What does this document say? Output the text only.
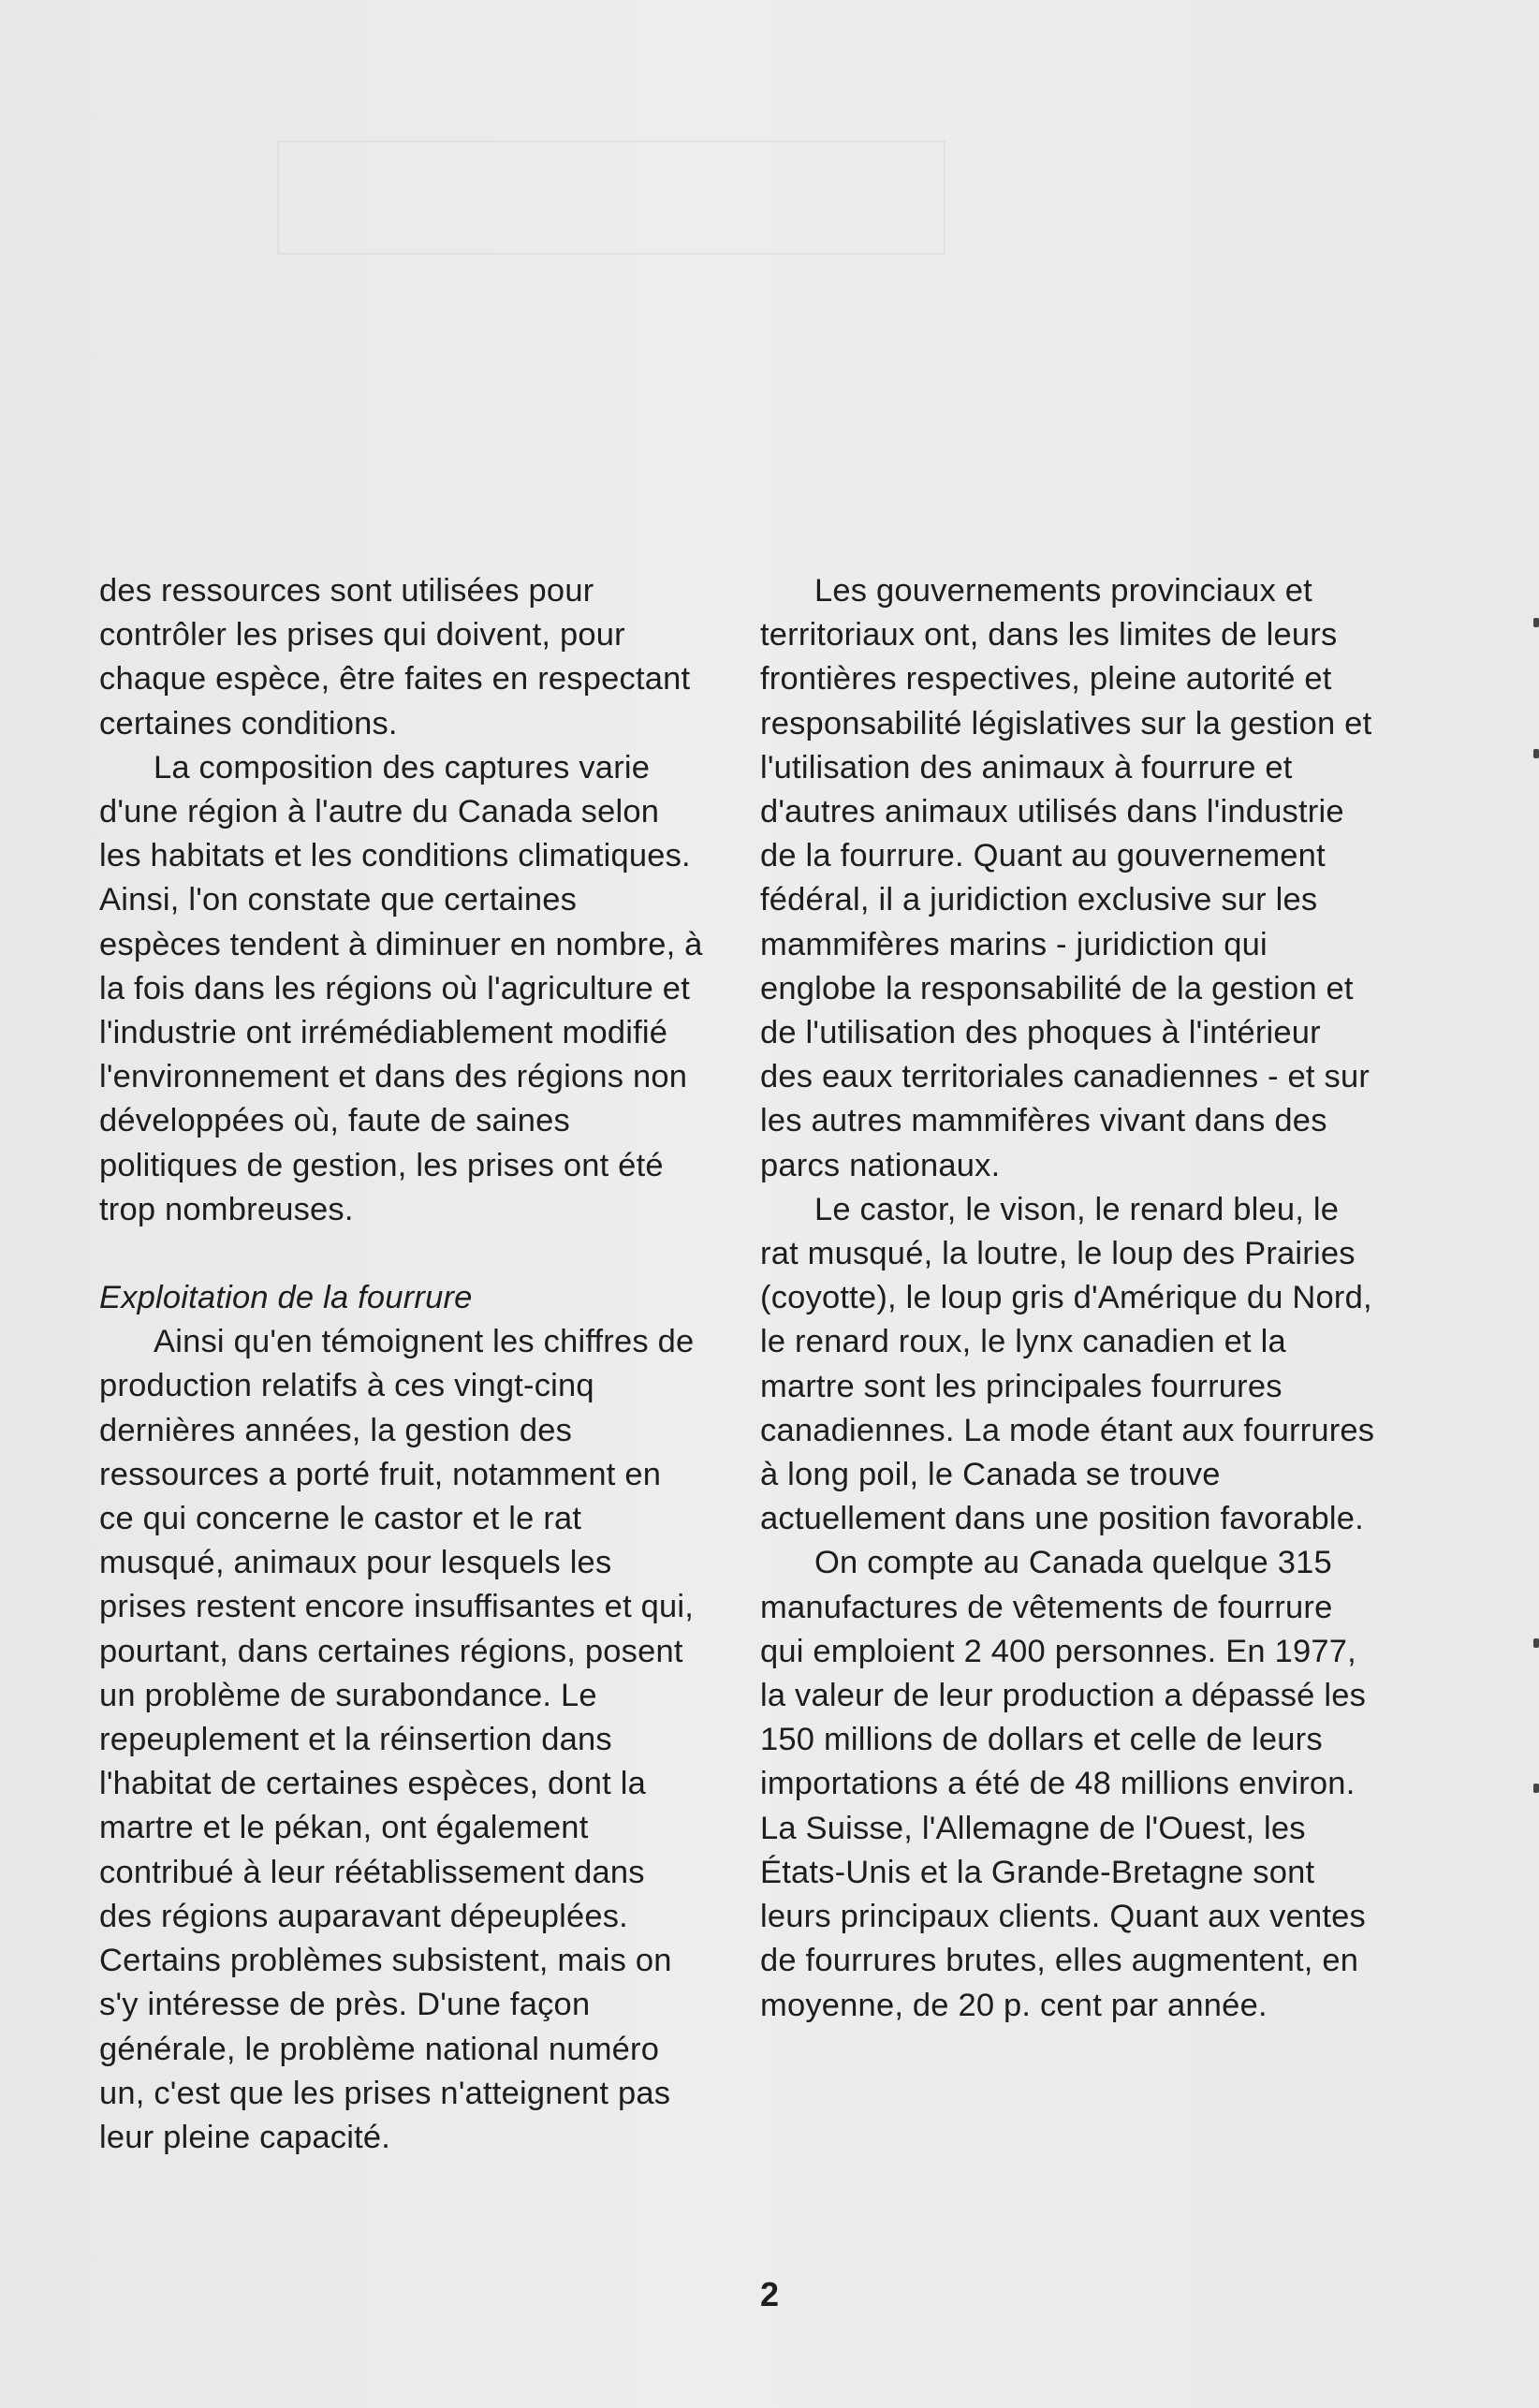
des ressources sont utilisées pour contrôler les prises qui doivent, pour chaque espèce, être faites en respectant certaines conditions.

La composition des captures varie d'une région à l'autre du Canada selon les habitats et les conditions climatiques. Ainsi, l'on constate que certaines espèces tendent à diminuer en nombre, à la fois dans les régions où l'agriculture et l'industrie ont irrémédiablement modifié l'environnement et dans des régions non développées où, faute de saines politiques de gestion, les prises ont été trop nombreuses.

Exploitation de la fourrure

Ainsi qu'en témoignent les chiffres de production relatifs à ces vingt-cinq dernières années, la gestion des ressources a porté fruit, notamment en ce qui concerne le castor et le rat musqué, animaux pour lesquels les prises restent encore insuffisantes et qui, pourtant, dans certaines régions, posent un problème de surabondance. Le repeuplement et la réinsertion dans l'habitat de certaines espèces, dont la martre et le pékan, ont également contribué à leur réétablissement dans des régions auparavant dépeuplées. Certains problèmes subsistent, mais on s'y intéresse de près. D'une façon générale, le problème national numéro un, c'est que les prises n'atteignent pas leur pleine capacité.

Les gouvernements provinciaux et territoriaux ont, dans les limites de leurs frontières respectives, pleine autorité et responsabilité législatives sur la gestion et l'utilisation des animaux à fourrure et d'autres animaux utilisés dans l'industrie de la fourrure. Quant au gouvernement fédéral, il a juridiction exclusive sur les mammifères marins - juridiction qui englobe la responsabilité de la gestion et de l'utilisation des phoques à l'intérieur des eaux territoriales canadiennes - et sur les autres mammifères vivant dans des parcs nationaux.

Le castor, le vison, le renard bleu, le rat musqué, la loutre, le loup des Prairies (coyotte), le loup gris d'Amérique du Nord, le renard roux, le lynx canadien et la martre sont les principales fourrures canadiennes. La mode étant aux fourrures à long poil, le Canada se trouve actuellement dans une position favorable.

On compte au Canada quelque 315 manufactures de vêtements de fourrure qui emploient 2 400 personnes. En 1977, la valeur de leur production a dépassé les 150 millions de dollars et celle de leurs importations a été de 48 millions environ. La Suisse, l'Allemagne de l'Ouest, les États-Unis et la Grande-Bretagne sont leurs principaux clients. Quant aux ventes de fourrures brutes, elles augmentent, en moyenne, de 20 p. cent par année.

2
